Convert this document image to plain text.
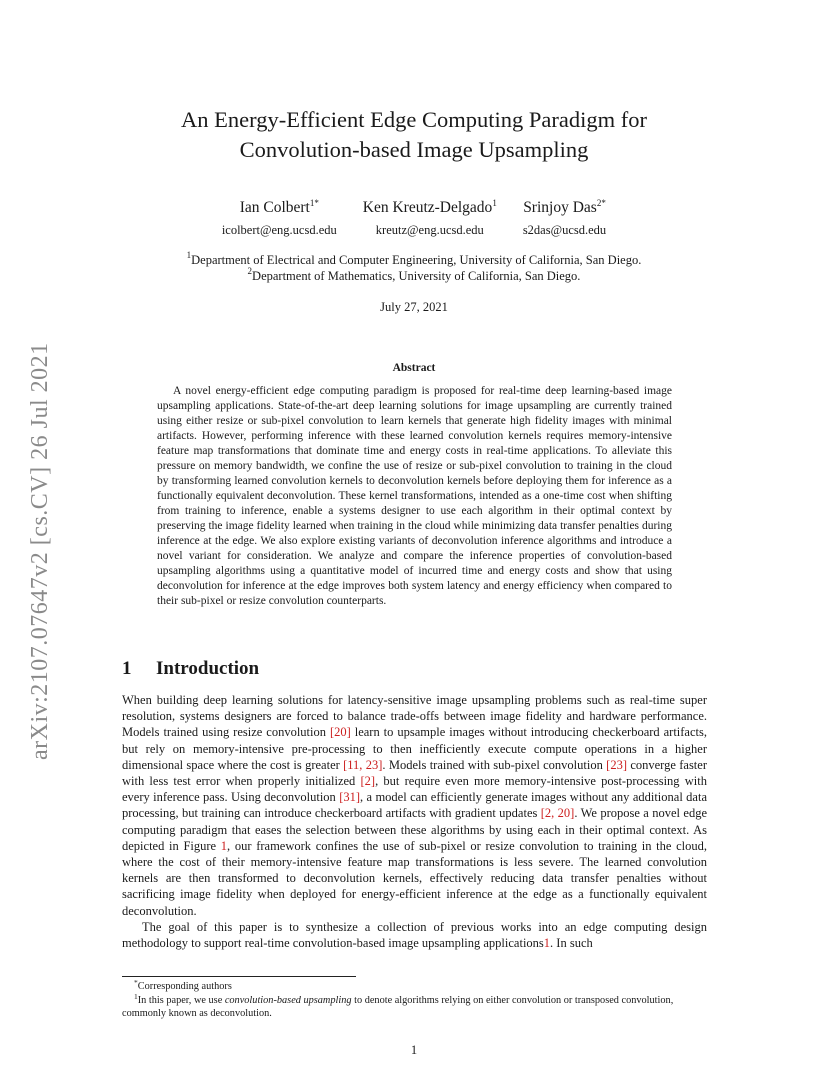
arXiv:2107.07647v2 [cs.CV] 26 Jul 2021
An Energy-Efficient Edge Computing Paradigm for
Convolution-based Image Upsampling
Ian Colbert$^{1*}$
icolbert@eng.ucsd.edu
Ken Kreutz-Delgado$^1$
kreutz@eng.ucsd.edu
Srinjoy Das$^{2*}$
s2das@ucsd.edu
$^1$Department of Electrical and Computer Engineering, University of California, San Diego.
$^2$Department of Mathematics, University of California, San Diego.
July 27, 2021
Abstract

A novel energy-efficient edge computing paradigm is proposed for real-time deep learning-based image upsampling applications. State-of-the-art deep learning solutions for image upsampling are currently trained using either resize or sub-pixel convolution to learn kernels that generate high fidelity images with minimal artifacts. However, performing inference with these learned convolution kernels requires memory-intensive feature map transformations that dominate time and energy costs in real-time applications. To alleviate this pressure on memory bandwidth, we confine the use of resize or sub-pixel convolution to training in the cloud by transforming learned convolution kernels to deconvolution kernels before deploying them for inference as a functionally equivalent deconvolution. These kernel transformations, intended as a one-time cost when shifting from training to inference, enable a systems designer to use each algorithm in their optimal context by preserving the image fidelity learned when training in the cloud while minimizing data transfer penalties during inference at the edge. We also explore existing variants of deconvolution inference algorithms and introduce a novel variant for consideration. We analyze and compare the inference properties of convolution-based upsampling algorithms using a quantitative model of incurred time and energy costs and show that using deconvolution for inference at the edge improves both system latency and energy efficiency when compared to their sub-pixel or resize convolution counterparts.

1 Introduction

When building deep learning solutions for latency-sensitive image upsampling problems such as real-time super resolution, systems designers are forced to balance trade-offs between image fidelity and hardware performance. Models trained using resize convolution [20] learn to upsample images without introducing checkerboard artifacts, but rely on memory-intensive pre-processing to then inefficiently execute compute operations in a higher dimensional space where the cost is greater [11, 23]. Models trained with sub-pixel convolution [23] converge faster with less test error when properly initialized [2], but require even more memory-intensive post-processing with every inference pass. Using deconvolution [31], a model can efficiently generate images without any additional data processing, but training can introduce checkerboard artifacts with gradient updates [2, 20]. We propose a novel edge computing paradigm that eases the selection between these algorithms by using each in their optimal context. As depicted in Figure 1, our framework confines the use of sub-pixel or resize convolution to training in the cloud, where the cost of their memory-intensive feature map transformations is less severe. The learned convolution kernels are then transformed to deconvolution kernels, effectively reducing data transfer penalties without sacrificing image fidelity when deployed for energy-efficient inference at the edge as a functionally equivalent deconvolution.

The goal of this paper is to synthesize a collection of previous works into an edge computing design methodology to support real-time convolution-based image upsampling applications1. In such

*Corresponding authors

$^1$In this paper, we use convolution-based upsampling to denote algorithms relying on either convolution or transposed convolution, commonly known as deconvolution.

1
